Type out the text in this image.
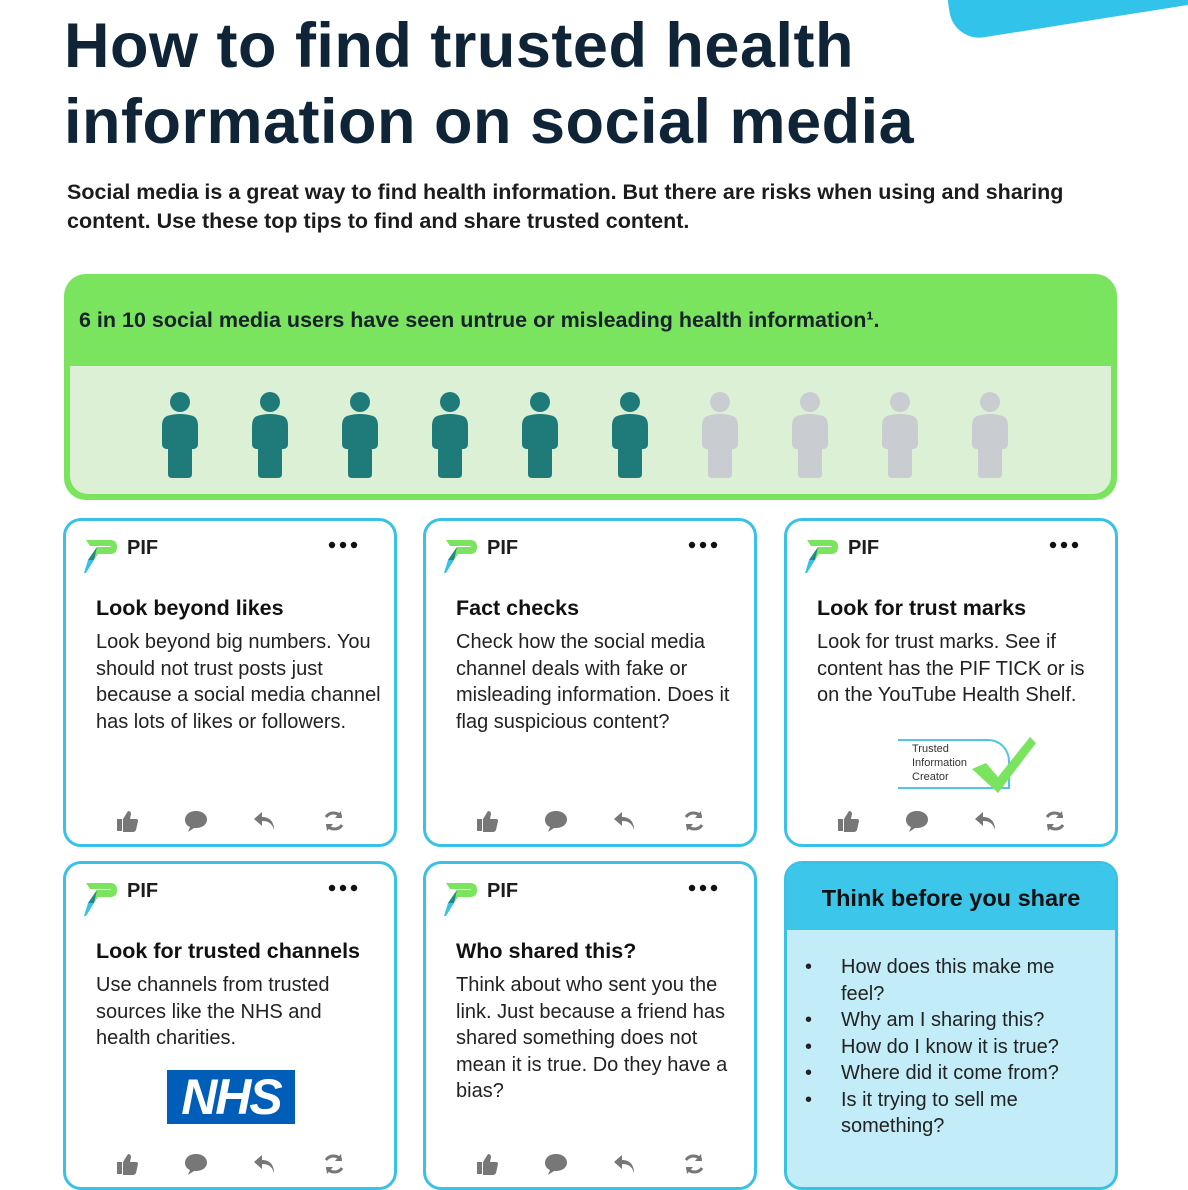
How to find trusted health information on social media

Social media is a great way to find health information. But there are risks when using and sharing content. Use these top tips to find and share trusted content.

6 in 10 social media users have seen untrue or misleading health information¹.
PIF
Look beyond likes

Look beyond big numbers. You should not trust posts just because a social media channel has lots of likes or followers.

PIF
Fact checks

Check how the social media channel deals with fake or misleading information. Does it flag suspicious content?

PIF
Look for trust marks

Look for trust marks. See if content has the PIF TICK or is on the YouTube Health Shelf.

Trusted
Information
Creator
PIF
Look for trusted channels

Use channels from trusted sources like the NHS and health charities.

NHS
PIF
Who shared this?

Think about who sent you the link. Just because a friend has shared something does not mean it is true. Do they have a bias?

Think before you share
• How does this make me feel?
• Why am I sharing this?
• How do I know it is true?
• Where did it come from?
• Is it trying to sell me something?
